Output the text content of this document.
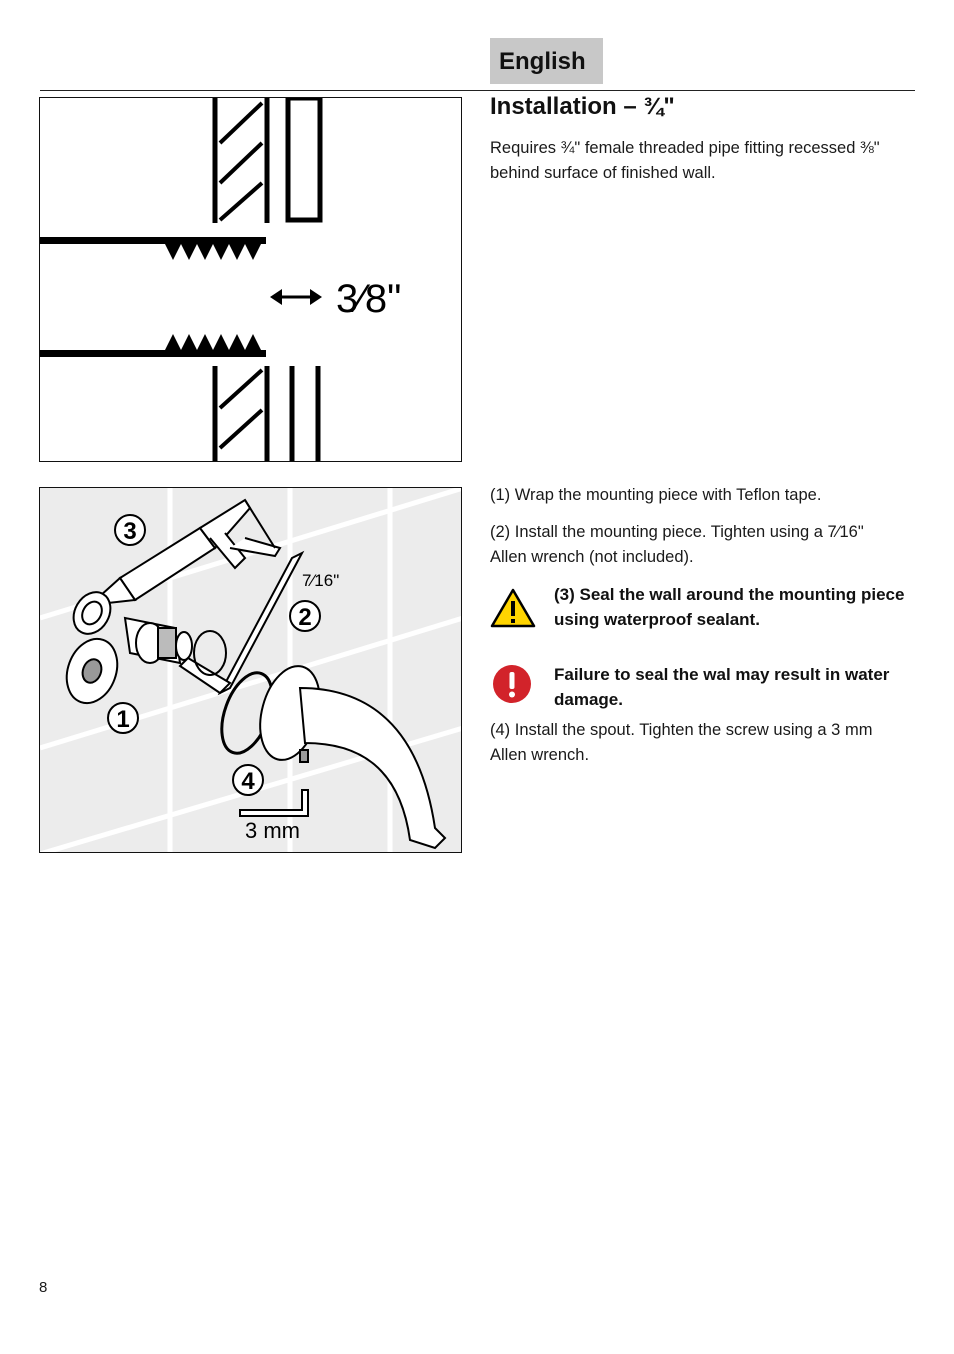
English
3⁄8"
3
2
1
4
7⁄16"
3 mm
Installation – ¾"
Requires ¾" female threaded pipe fitting recessed ⅜" behind surface of finished wall.
(1) Wrap the mounting piece with Teflon tape.
(2) Install the mounting piece. Tighten using a 7⁄16" Allen wrench (not included).
(3) Seal the wall around the mounting piece using waterproof sealant.
Failure to seal the wal may result in water damage.
(4) Install the spout. Tighten the screw using a 3 mm Allen wrench.
8
